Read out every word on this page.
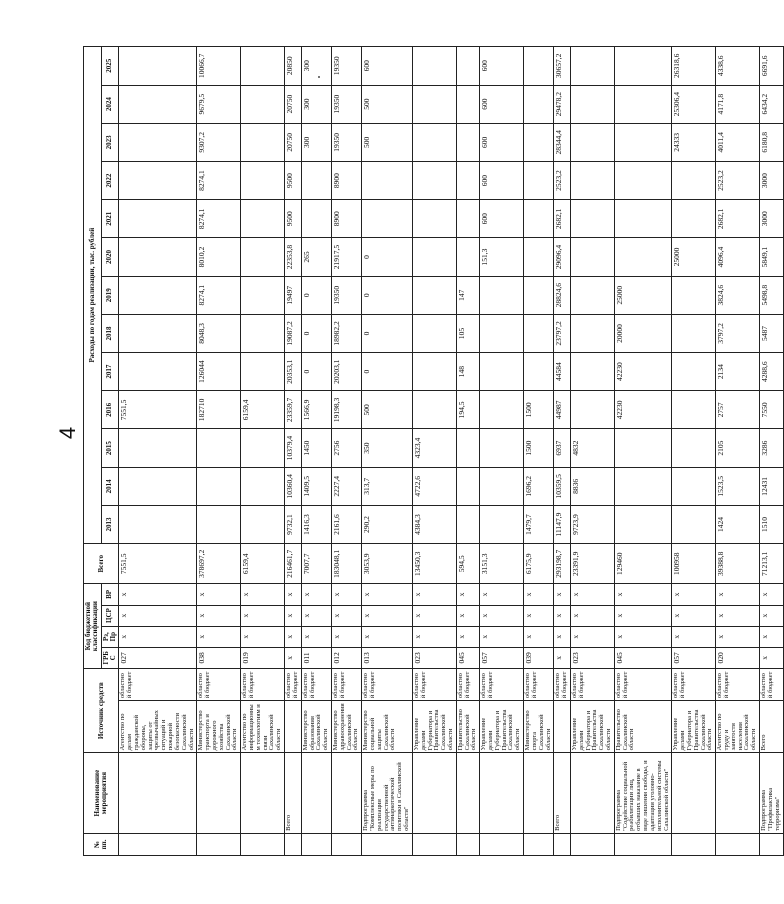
4
№ пп.	Наименование мероприятия	Источник средств		Код бюджетной классификации				Всего	Расходы по годам реализации, тыс. рублей												
				ГРБС	Рз, Пр	ЦСР	ВР		2013	2014	2015	2016	2017	2018	2019	2020	2021	2022	2023	2024	2025
		Агентство по делам гражданской обороны, защиты от чрезвычайных ситуаций и пожарной безопасности Сахалинской области	областной бюджет	027	x	x	x	7551,5				7551,5									
		Министерство транспорта и дорожного хозяйства Сахалинской области	областной бюджет	038	x	x	x	378697,2				182710	126044	8048,3	8274,1	8010,2	8274,1	8274,1	9307,2	9679,5	10066,7
		Агентство по информационным технологиям и связи Сахалинской области	областной бюджет	019	x	x	x	6159,4				6159,4									
	Всего		областной бюджет	x	x	x	x	216461,7	9732,1	10360,4	10379,4	23359,7	20353,1	19087,2	19497	22353,8	9500	9500	20750	20750	20850
		Министерство образования Сахалинской области	областной бюджет	011	x	x	x	7007,7	1416,3	1409,5	1450	1566,9	0	0	0	265			300	300	300
		Министерство здравоохранения Сахалинской области	областной бюджет	012	x	x	x	183048,1	2161,6	2227,4	2756	19198,3	20203,1	18982,2	19350	21917,5	8900	8900	19350	19350	19350
	Подпрограмма "Комплексные меры по реализации государственной антинаркотической политики в Сахалинской области"	Министерство социальной защиты Сахалинской области	областной бюджет	013	x	x	x	3053,9	290,2	313,7	350	500	0	0	0	0			500	500	600
		Управление делами Губернатора и Правительства Сахалинской области	областной бюджет	023	x	x	x	13450,3	4384,3	4722,6	4323,4										
		Правительство Сахалинской области	областной бюджет	045	x	x	x	594,5				194,5	148	105	147						
		Управление делами Губернатора и Правительства Сахалинской области	областной бюджет	057	x	x	x	3151,3								151,3	600	600	600	600	600
		Министерство спорта Сахалинской области	областной бюджет	039	x	x	x	6175,9	1479,7	1696,2	1500	1500									
	Всего		областной бюджет	x	x	x	x	293198,7	11147,9	10359,5	6937	44987	44584	23797,2	28824,6	29096,4	2682,1	2523,2	28344,4	29478,2	30657,2
		Управление делами Губернатора и Правительства Сахалинской области	областной бюджет	023	x	x	x	23391,9	9723,9	8836	4832										
	Подпрограмма "Содействие социальной реабилитации лиц, отбывших наказание в виде лишения свободы, и адаптации уголовно-исполнительной системы Сахалинской области"	Правительство Сахалинской области	областной бюджет	045	x	x	x	129460				42230	42230	20000	25000						
		Управление делами Губернатора и Правительства Сахалинской области	областной бюджет	057	x	x	x	100958								25000			24333	25306,4	26318,6
		Агентство по труду и занятости населения Сахалинской области	областной бюджет	020	x	x	x	39388,8	1424	1523,5	2105	2757	2134	3797,2	3824,6	4096,4	2682,1	2523,2	4011,4	4171,8	4338,6
	Подпрограмма "Профилактика терроризма"	Всего	областной бюджет	x	x	x	x	71213,1	1510	12431	3286	7550	4288,6	5487	5498,8	5849,1	3000	3000	6180,8	6434,2	6691,6
